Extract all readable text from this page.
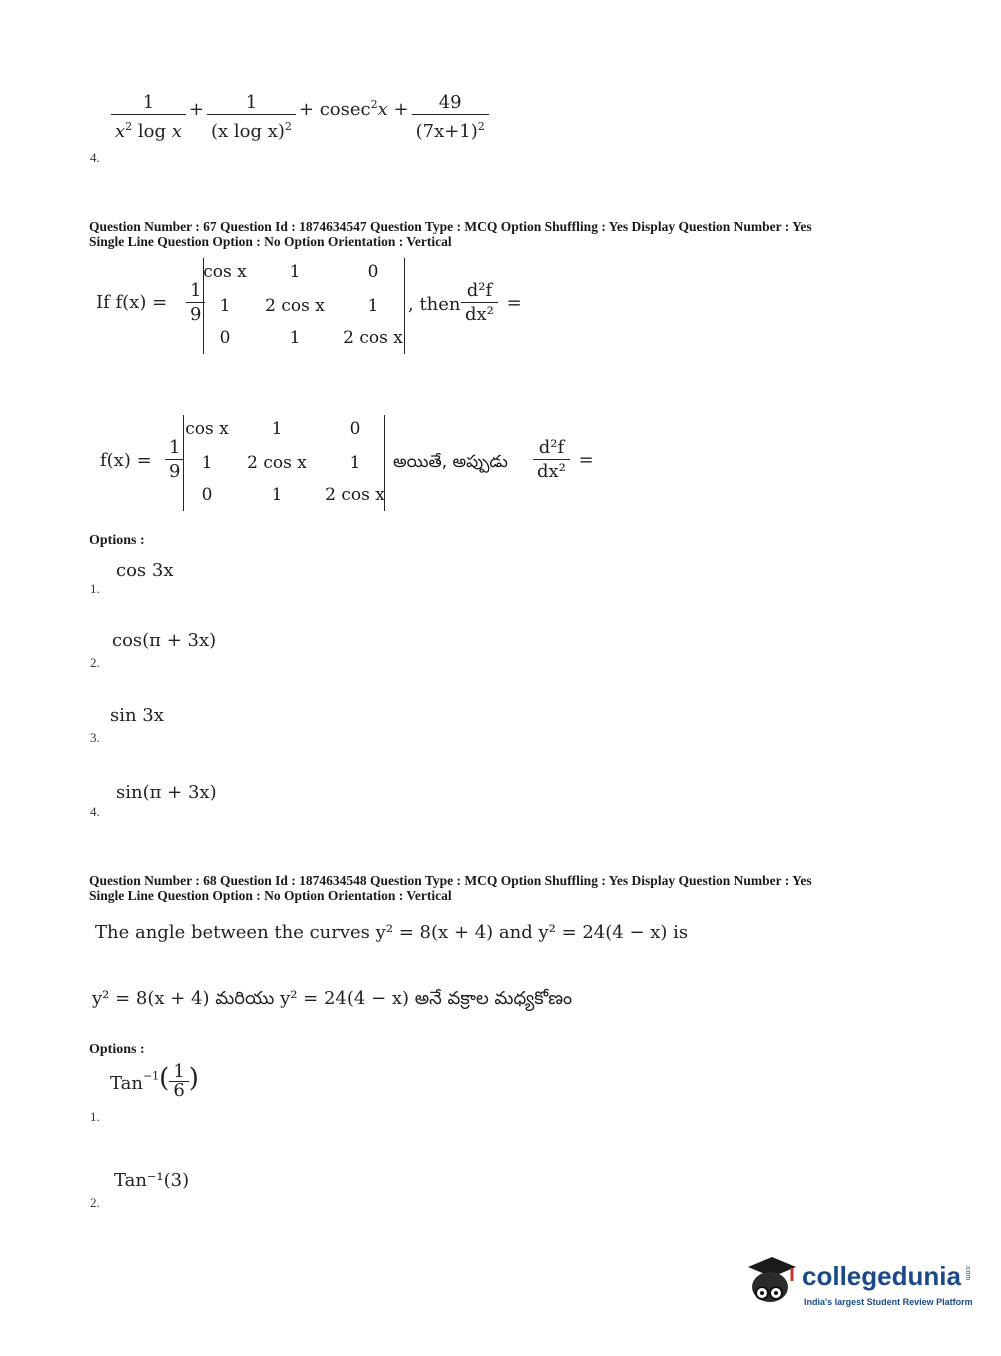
$\frac{1}{x^2 \log x} + \frac{1}{(x \log x)^2} + cosec^2x + \frac{49}{(7x+1)^2}$
4.
Question Number : 67 Question Id : 1874634547 Question Type : MCQ Option Shuffling : Yes Display Question Number : Yes
Single Line Question Option : No Option Orientation : Vertical
If $f(x) = \frac{1}{9}$
cos x	1	0
1	2 cos x	1
0	1	2 cos x
, then $\frac{\text{d²f}}{\text{dx²}}$ =
$f(x) = \frac{1}{9}$
cos x	1	0
1	2 cos x	1
0	1	2 cos x
అయితే, అప్పుడు $\frac{\text{d²f}}{\text{dx²}}$ =
Options :
cos 3x
1.
cos(π + 3x)
2.
sin 3x
3.
sin(π + 3x)
4.
Question Number : 68 Question Id : 1874634548 Question Type : MCQ Option Shuffling : Yes Display Question Number : Yes
Single Line Question Option : No Option Orientation : Vertical
The angle between the curves y² = 8(x + 4) and y² = 24(4 − x) is
y² = 8(x + 4) మరియు y² = 24(4 − x) అనే వక్రాల మధ్యకోణం
Options :
$Tan^{-1}( \frac{1}{6}$ )
1.
Tan⁻¹(3)
2.
collegedunia .com
India's largest Student Review Platform
